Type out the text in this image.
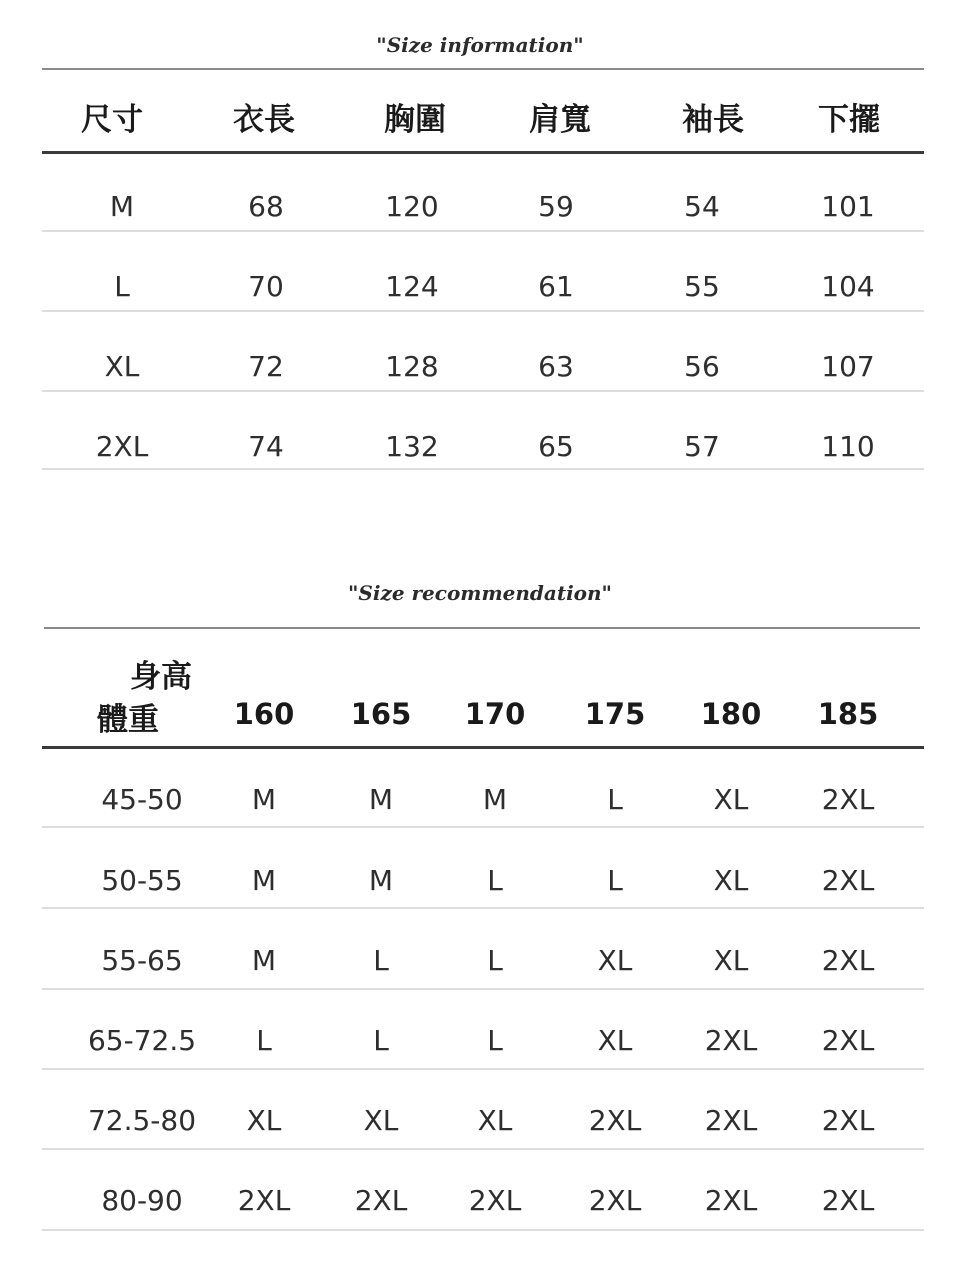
"Size information"
尺寸	衣長	胸圍	肩寬	袖長 下擺
M	68	120	59	54	101
L	70	124	61	55	104
XL	72	128	63	56	107
2XL	74	132	65	57	110
"Size recommendation"
身高
體重	160 165 170 175 180 185
45-50 M	M	M	L	XL	2XL
50-55 M	M	L	L	XL	2XL
55-65 M	L	L	XL	XL	2XL
65-72.5 L	L	L	XL	2XL 2XL
72.5-80 XL	XL	XL	2XL 2XL 2XL
80-90 2XL 2XL 2XL 2XL 2XL 2XL
